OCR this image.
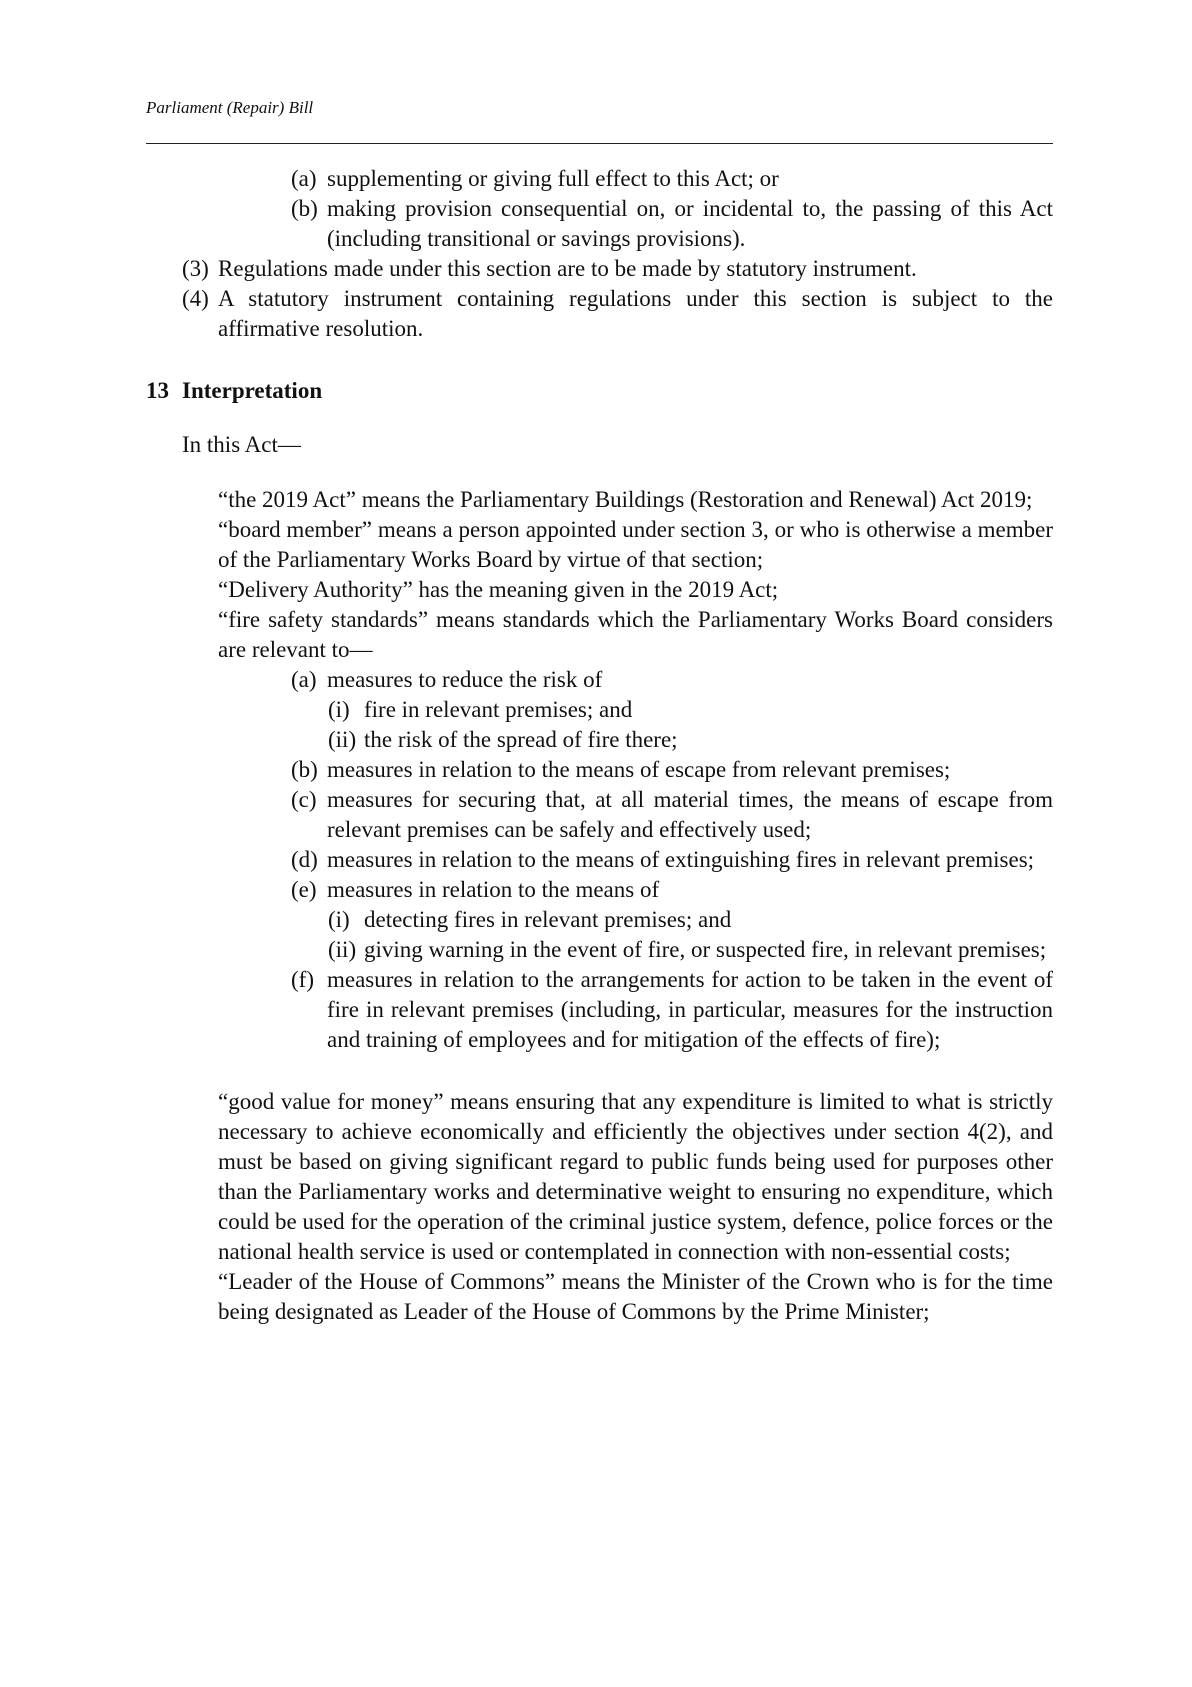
Parliament (Repair) Bill
(a) supplementing or giving full effect to this Act; or
(b) making provision consequential on, or incidental to, the passing of this Act (including transitional or savings provisions).
(3) Regulations made under this section are to be made by statutory instrument.
(4) A statutory instrument containing regulations under this section is subject to the affirmative resolution.
13 Interpretation
In this Act—
“the 2019 Act” means the Parliamentary Buildings (Restoration and Renewal) Act 2019;
“board member” means a person appointed under section 3, or who is otherwise a member of the Parliamentary Works Board by virtue of that section;
“Delivery Authority” has the meaning given in the 2019 Act;
“fire safety standards” means standards which the Parliamentary Works Board considers are relevant to—
(a) measures to reduce the risk of
(i) fire in relevant premises; and
(ii) the risk of the spread of fire there;
(b) measures in relation to the means of escape from relevant premises;
(c) measures for securing that, at all material times, the means of escape from relevant premises can be safely and effectively used;
(d) measures in relation to the means of extinguishing fires in relevant premises;
(e) measures in relation to the means of
(i) detecting fires in relevant premises; and
(ii) giving warning in the event of fire, or suspected fire, in relevant premises;
(f) measures in relation to the arrangements for action to be taken in the event of fire in relevant premises (including, in particular, measures for the instruction and training of employees and for mitigation of the effects of fire);
“good value for money” means ensuring that any expenditure is limited to what is strictly necessary to achieve economically and efficiently the objectives under section 4(2), and must be based on giving significant regard to public funds being used for purposes other than the Parliamentary works and determinative weight to ensuring no expenditure, which could be used for the operation of the criminal justice system, defence, police forces or the national health service is used or contemplated in connection with non-essential costs;
“Leader of the House of Commons” means the Minister of the Crown who is for the time being designated as Leader of the House of Commons by the Prime Minister;
